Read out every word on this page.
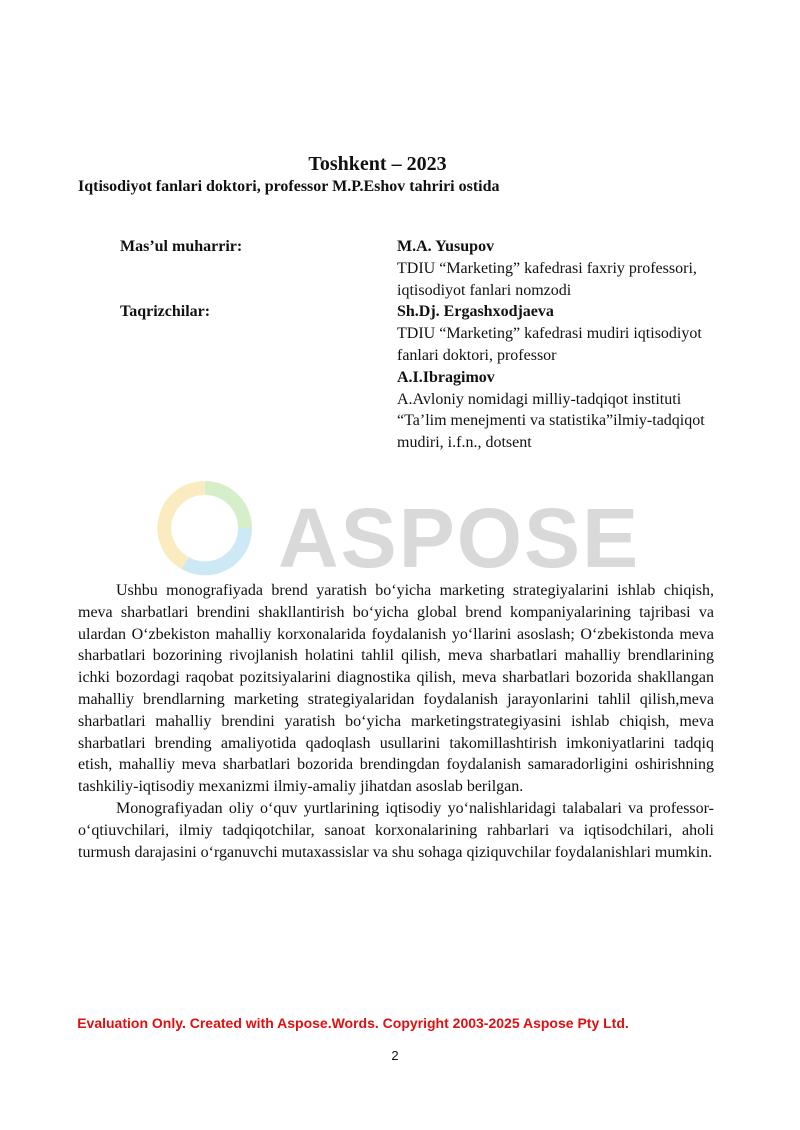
Toshkent – 2023
Iqtisodiyot fanlari doktori, professor M.P.Eshov tahriri ostida
Mas’ul muharrir:	M.A. Yusupov
TDIU “Marketing” kafedrasi faxriy professori, iqtisodiyot fanlari nomzodi
Taqrizchilar:	Sh.Dj. Ergashxodjaeva
TDIU “Marketing” kafedrasi mudiri iqtisodiyot fanlari doktori, professor
A.I.Ibragimov
A.Avloniy nomidagi milliy-tadqiqot instituti “Ta’lim menejmenti va statistika”ilmiy-tadqiqot mudiri, i.f.n., dotsent
ASPOSE

Ushbu monografiyada brend yaratish bo‘yicha marketing strategiyalarini ishlab chiqish, meva sharbatlari brendini shakllantirish bo‘yicha global brend kompaniyalarining tajribasi va ulardan O‘zbekiston mahalliy korxonalarida foydalanish yo‘llarini asoslash; O‘zbekistonda meva sharbatlari bozorining rivojlanish holatini tahlil qilish, meva sharbatlari mahalliy brendlarining ichki bozordagi raqobat pozitsiyalarini diagnostika qilish, meva sharbatlari bozorida shakllangan mahalliy brendlarning marketing strategiyalaridan foydalanish jarayonlarini tahlil qilish,meva sharbatlari mahalliy brendini yaratish bo‘yicha marketingstrategiyasini ishlab chiqish, meva sharbatlari brending amaliyotida qadoqlash usullarini takomillashtirish imkoniyatlarini tadqiq etish, mahalliy meva sharbatlari bozorida brendingdan foydalanish samaradorligini oshirishning tashkiliy-iqtisodiy mexanizmi ilmiy-amaliy jihatdan asoslab berilgan.

Monografiyadan oliy o‘quv yurtlarining iqtisodiy yo‘nalishlaridagi talabalari va professor-o‘qtiuvchilari, ilmiy tadqiqotchilar, sanoat korxonalarining rahbarlari va iqtisodchilari, aholi turmush darajasini o‘rganuvchi mutaxassislar va shu sohaga qiziquvchilar foydalanishlari mumkin.

Evaluation Only. Created with Aspose.Words. Copyright 2003-2025 Aspose Pty Ltd.
2
